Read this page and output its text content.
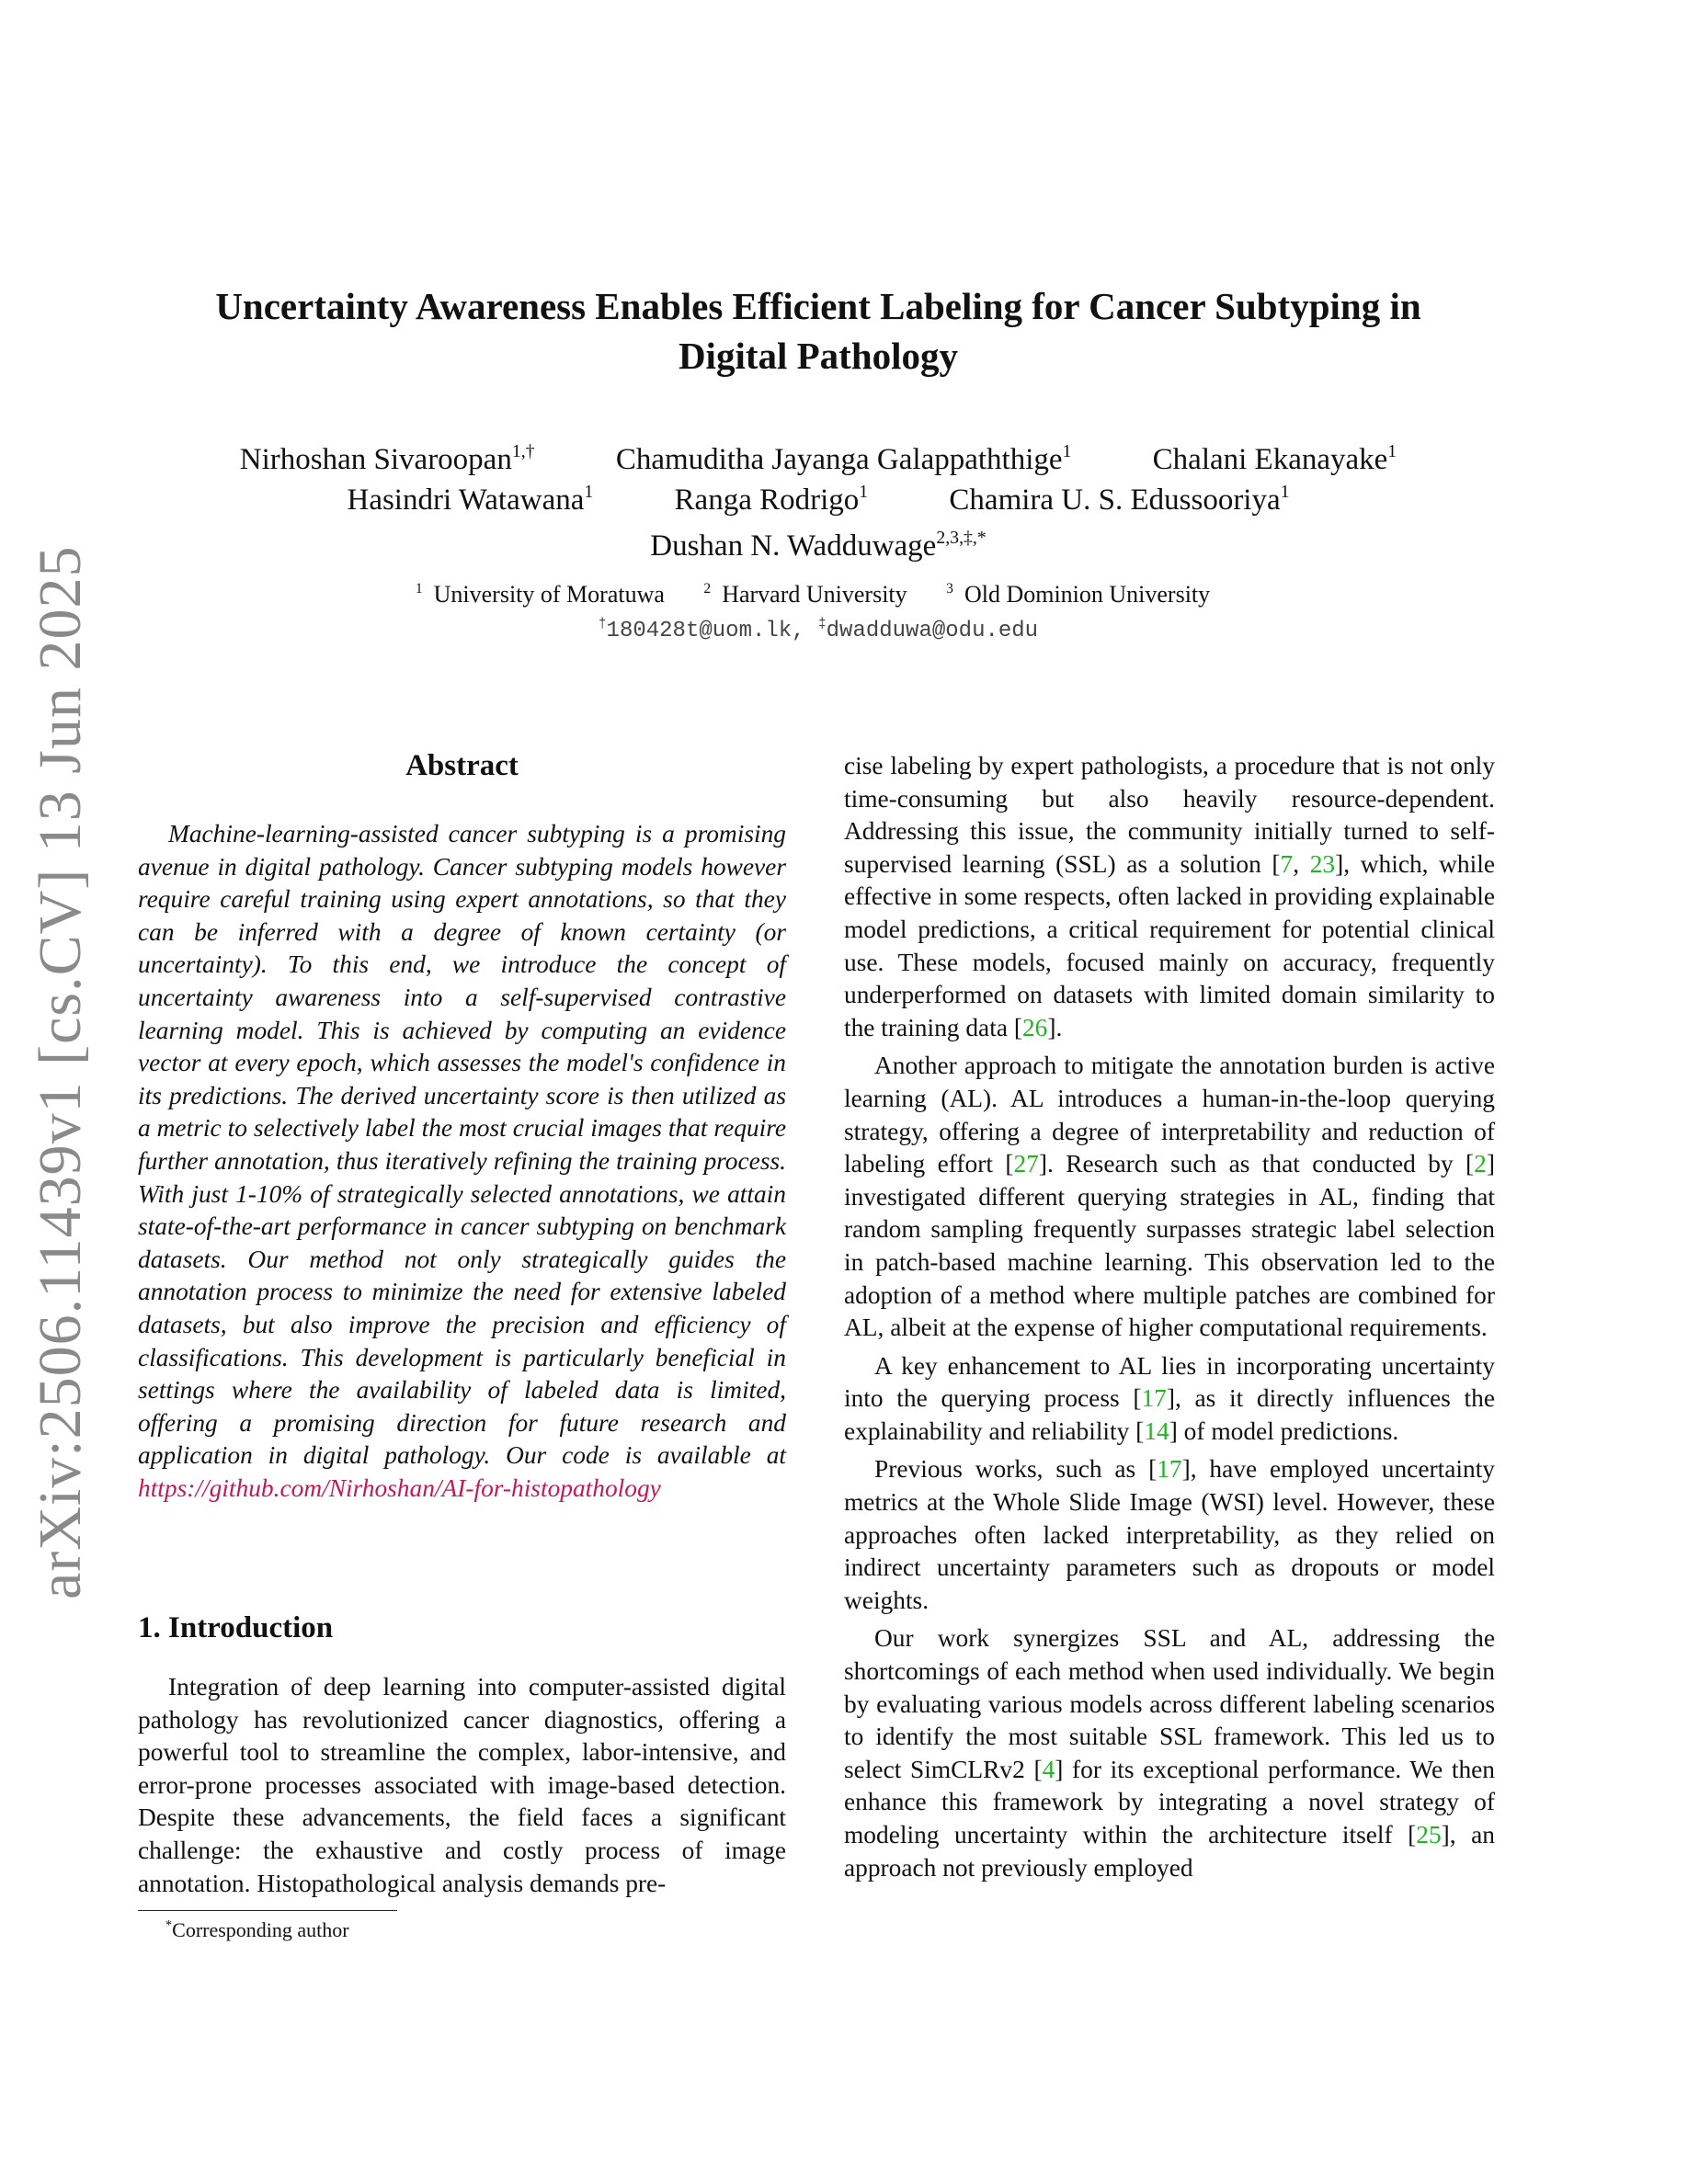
arXiv:2506.11439v1 [cs.CV] 13 Jun 2025
Uncertainty Awareness Enables Efficient Labeling for Cancer Subtyping in
Digital Pathology
Nirhoshan Sivaroopan$^{1,\dagger}$	Chamuditha Jayanga Galappaththige$^1$	Chalani Ekanayake$^1$
Hasindri Watawana$^1$	Ranga Rodrigo$^1$	Chamira U. S. Edussooriya$^1$
Dushan N. Wadduwage$^{2,3,\ddagger,*}$
$^1$ University of Moratuwa	$^2$ Harvard University	$^3$ Old Dominion University
†180428t@uom.lk, ‡dwadduwa@odu.edu
Abstract
Machine-learning-assisted cancer subtyping is a promising avenue in digital pathology. Cancer subtyping models however require careful training using expert annotations, so that they can be inferred with a degree of known certainty (or uncertainty). To this end, we introduce the concept of uncertainty awareness into a self-supervised contrastive learning model. This is achieved by computing an evidence vector at every epoch, which assesses the model's confidence in its predictions. The derived uncertainty score is then utilized as a metric to selectively label the most crucial images that require further annotation, thus iteratively refining the training process. With just 1-10% of strategically selected annotations, we attain state-of-the-art performance in cancer subtyping on benchmark datasets. Our method not only strategically guides the annotation process to minimize the need for extensive labeled datasets, but also improve the precision and efficiency of classifications. This development is particularly beneficial in settings where the availability of labeled data is limited, offering a promising direction for future research and application in digital pathology. Our code is available at https://github.com/Nirhoshan/AI-for-histopathology
1. Introduction
Integration of deep learning into computer-assisted digital pathology has revolutionized cancer diagnostics, offering a powerful tool to streamline the complex, labor-intensive, and error-prone processes associated with image-based detection. Despite these advancements, the field faces a significant challenge: the exhaustive and costly process of image annotation. Histopathological analysis demands pre-
*Corresponding author

cise labeling by expert pathologists, a procedure that is not only time-consuming but also heavily resource-dependent. Addressing this issue, the community initially turned to self-supervised learning (SSL) as a solution [7, 23], which, while effective in some respects, often lacked in providing explainable model predictions, a critical requirement for potential clinical use. These models, focused mainly on accuracy, frequently underperformed on datasets with limited domain similarity to the training data [26].

Another approach to mitigate the annotation burden is active learning (AL). AL introduces a human-in-the-loop querying strategy, offering a degree of interpretability and reduction of labeling effort [27]. Research such as that conducted by [2] investigated different querying strategies in AL, finding that random sampling frequently surpasses strategic label selection in patch-based machine learning. This observation led to the adoption of a method where multiple patches are combined for AL, albeit at the expense of higher computational requirements.

A key enhancement to AL lies in incorporating uncertainty into the querying process [17], as it directly influences the explainability and reliability [14] of model predictions.

Previous works, such as [17], have employed uncertainty metrics at the Whole Slide Image (WSI) level. However, these approaches often lacked interpretability, as they relied on indirect uncertainty parameters such as dropouts or model weights.

Our work synergizes SSL and AL, addressing the shortcomings of each method when used individually. We begin by evaluating various models across different labeling scenarios to identify the most suitable SSL framework. This led us to select SimCLRv2 [4] for its exceptional performance. We then enhance this framework by integrating a novel strategy of modeling uncertainty within the architecture itself [25], an approach not previously employed
